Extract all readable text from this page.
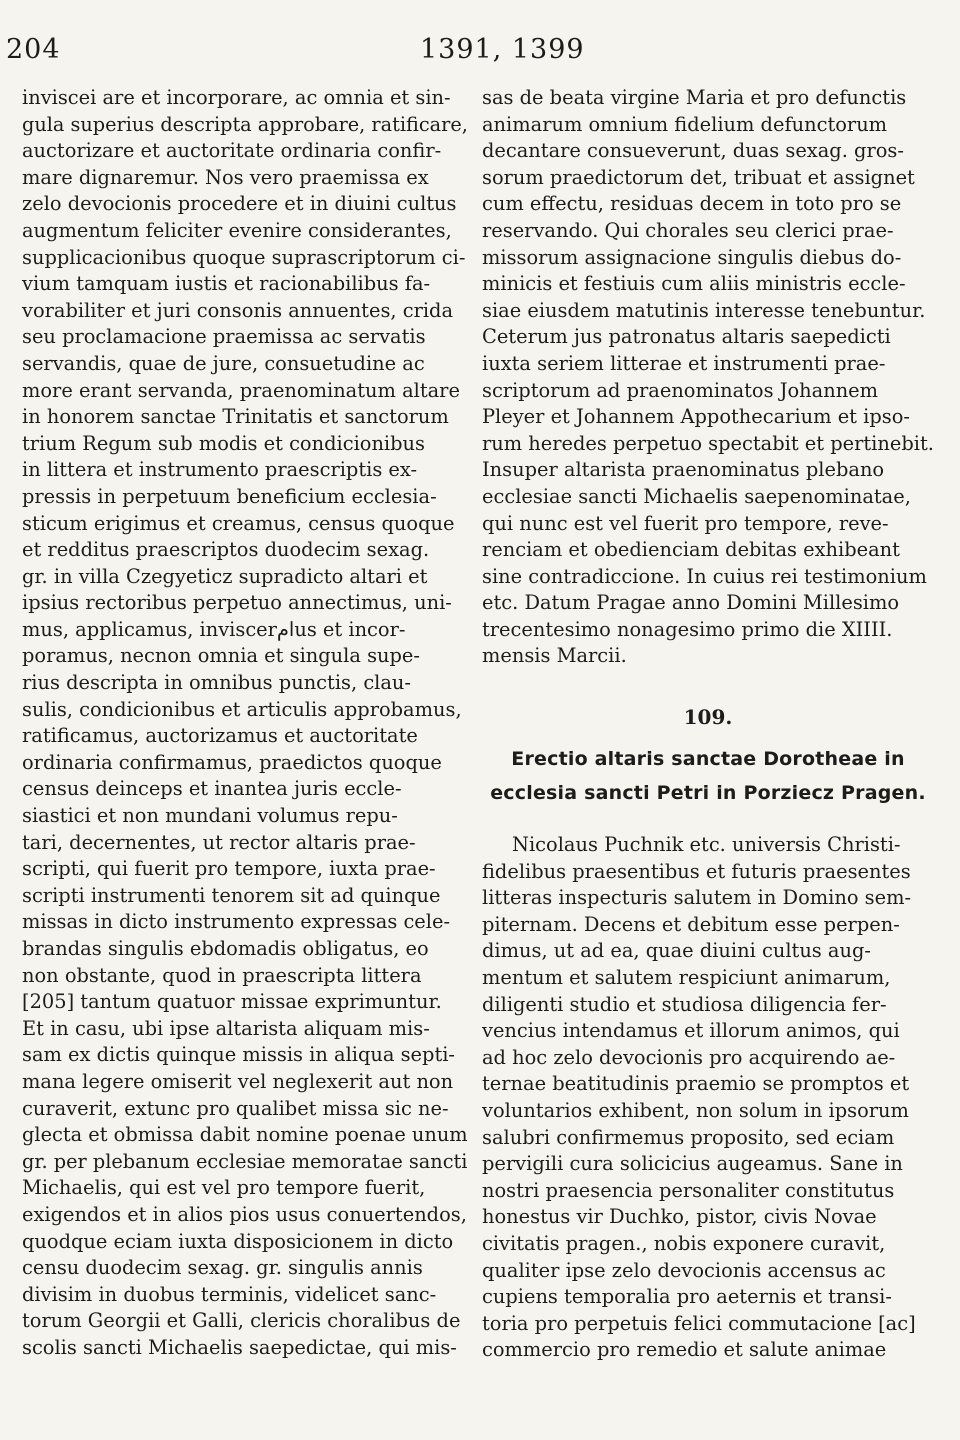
204	1391, 1399
inviscei are et incorporare, ac omnia et sin-
gula superius descripta approbare, ratificare,
auctorizare et auctoritate ordinaria confir-
mare dignaremur. Nos vero praemissa ex
zelo devocionis procedere et in diuini cultus
augmentum feliciter evenire considerantes,
supplicacionibus quoque suprascriptorum ci-
vium tamquam iustis et racionabilibus fa-
vorabiliter et juri consonis annuentes, crida
seu proclamacione praemissa ac servatis
servandis, quae de jure, consuetudine ac
more erant servanda, praenominatum altare
in honorem sanctae Trinitatis et sanctorum
trium Regum sub modis et condicionibus
in littera et instrumento praescriptis ex-
pressis in perpetuum beneficium ecclesia-
sticum erigimus et creamus, census quoque
et redditus praescriptos duodecim sexag.
gr. in villa Czegyeticz supradicto altari et
ipsius rectoribus perpetuo annectimus, uni-
mus, applicamus, inviscerامus et incor-
poramus, necnon omnia et singula supe-
rius descripta in omnibus punctis, clau-
sulis, condicionibus et articulis approbamus,
ratificamus, auctorizamus et auctoritate
ordinaria confirmamus, praedictos quoque
census deinceps et inantea juris eccle-
siastici et non mundani volumus repu-
tari, decernentes, ut rector altaris prae-
scripti, qui fuerit pro tempore, iuxta prae-
scripti instrumenti tenorem sit ad quinque
missas in dicto instrumento expressas cele-
brandas singulis ebdomadis obligatus, eo
non obstante, quod in praescripta littera
[205] tantum quatuor missae exprimuntur.
Et in casu, ubi ipse altarista aliquam mis-
sam ex dictis quinque missis in aliqua septi-
mana legere omiserit vel neglexerit aut non
curaverit, extunc pro qualibet missa sic ne-
glecta et obmissa dabit nomine poenae unum
gr. per plebanum ecclesiae memoratae sancti
Michaelis, qui est vel pro tempore fuerit,
exigendos et in alios pios usus conuertendos,
quodque eciam iuxta disposicionem in dicto
censu duodecim sexag. gr. singulis annis
divisim in duobus terminis, videlicet sanc-
torum Georgii et Galli, clericis choralibus de
scolis sancti Michaelis saepedictae, qui mis-
sas de beata virgine Maria et pro defunctis
animarum omnium fidelium defunctorum
decantare consueverunt, duas sexag. gros-
sorum praedictorum det, tribuat et assignet
cum effectu, residuas decem in toto pro se
reservando. Qui chorales seu clerici prae-
missorum assignacione singulis diebus do-
minicis et festiuis cum aliis ministris eccle-
siae eiusdem matutinis interesse tenebuntur.
Ceterum jus patronatus altaris saepedicti
iuxta seriem litterae et instrumenti prae-
scriptorum ad praenominatos Johannem
Pleyer et Johannem Appothecarium et ipso-
rum heredes perpetuo spectabit et pertinebit.
Insuper altarista praenominatus plebano
ecclesiae sancti Michaelis saepenominatae,
qui nunc est vel fuerit pro tempore, reve-
renciam et obedienciam debitas exhibeant
sine contradiccione. In cuius rei testimonium
etc. Datum Pragae anno Domini Millesimo
trecentesimo nonagesimo primo die XIIII.
mensis Marcii.
109.
Erectio altaris sanctae Dorotheae in
ecclesia sancti Petri in Porziecz Pragen.
Nicolaus Puchnik etc. universis Christi-
fidelibus praesentibus et futuris praesentes
litteras inspecturis salutem in Domino sem-
piternam. Decens et debitum esse perpen-
dimus, ut ad ea, quae diuini cultus aug-
mentum et salutem respiciunt animarum,
diligenti studio et studiosa diligencia fer-
vencius intendamus et illorum animos, qui
ad hoc zelo devocionis pro acquirendo ae-
ternae beatitudinis praemio se promptos et
voluntarios exhibent, non solum in ipsorum
salubri confirmemus proposito, sed eciam
pervigili cura solicicius augeamus. Sane in
nostri praesencia personaliter constitutus
honestus vir Duchko, pistor, civis Novae
civitatis pragen., nobis exponere curavit,
qualiter ipse zelo devocionis accensus ac
cupiens temporalia pro aeternis et transi-
toria pro perpetuis felici commutacione [ac]
commercio pro remedio et salute animae
